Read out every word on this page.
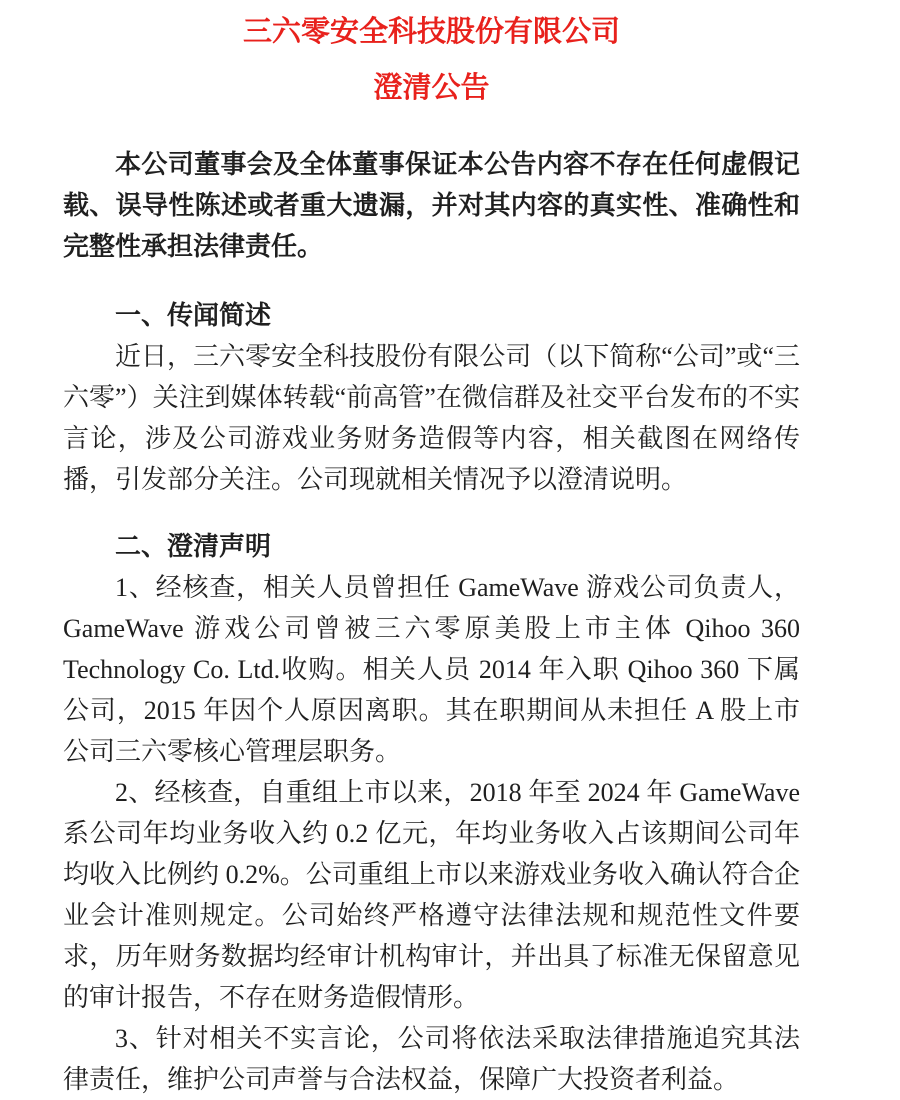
三六零安全科技股份有限公司
澄清公告

本公司董事会及全体董事保证本公告内容不存在任何虚假记载、误导性陈述或者重大遗漏，并对其内容的真实性、准确性和完整性承担法律责任。

一、传闻简述

近日，三六零安全科技股份有限公司（以下简称“公司”或“三六零”）关注到媒体转载“前高管”在微信群及社交平台发布的不实言论，涉及公司游戏业务财务造假等内容，相关截图在网络传播，引发部分关注。公司现就相关情况予以澄清说明。

二、澄清声明

1、经核查，相关人员曾担任 GameWave 游戏公司负责人，GameWave 游戏公司曾被三六零原美股上市主体 Qihoo 360 Technology Co. Ltd.收购。相关人员 2014 年入职 Qihoo 360 下属公司，2015 年因个人原因离职。其在职期间从未担任 A 股上市公司三六零核心管理层职务。

2、经核查，自重组上市以来，2018 年至 2024 年 GameWave 系公司年均业务收入约 0.2 亿元，年均业务收入占该期间公司年均收入比例约 0.2%。公司重组上市以来游戏业务收入确认符合企业会计准则规定。公司始终严格遵守法律法规和规范性文件要求，历年财务数据均经审计机构审计，并出具了标准无保留意见的审计报告，不存在财务造假情形。

3、针对相关不实言论，公司将依法采取法律措施追究其法律责任，维护公司声誉与合法权益，保障广大投资者利益。
